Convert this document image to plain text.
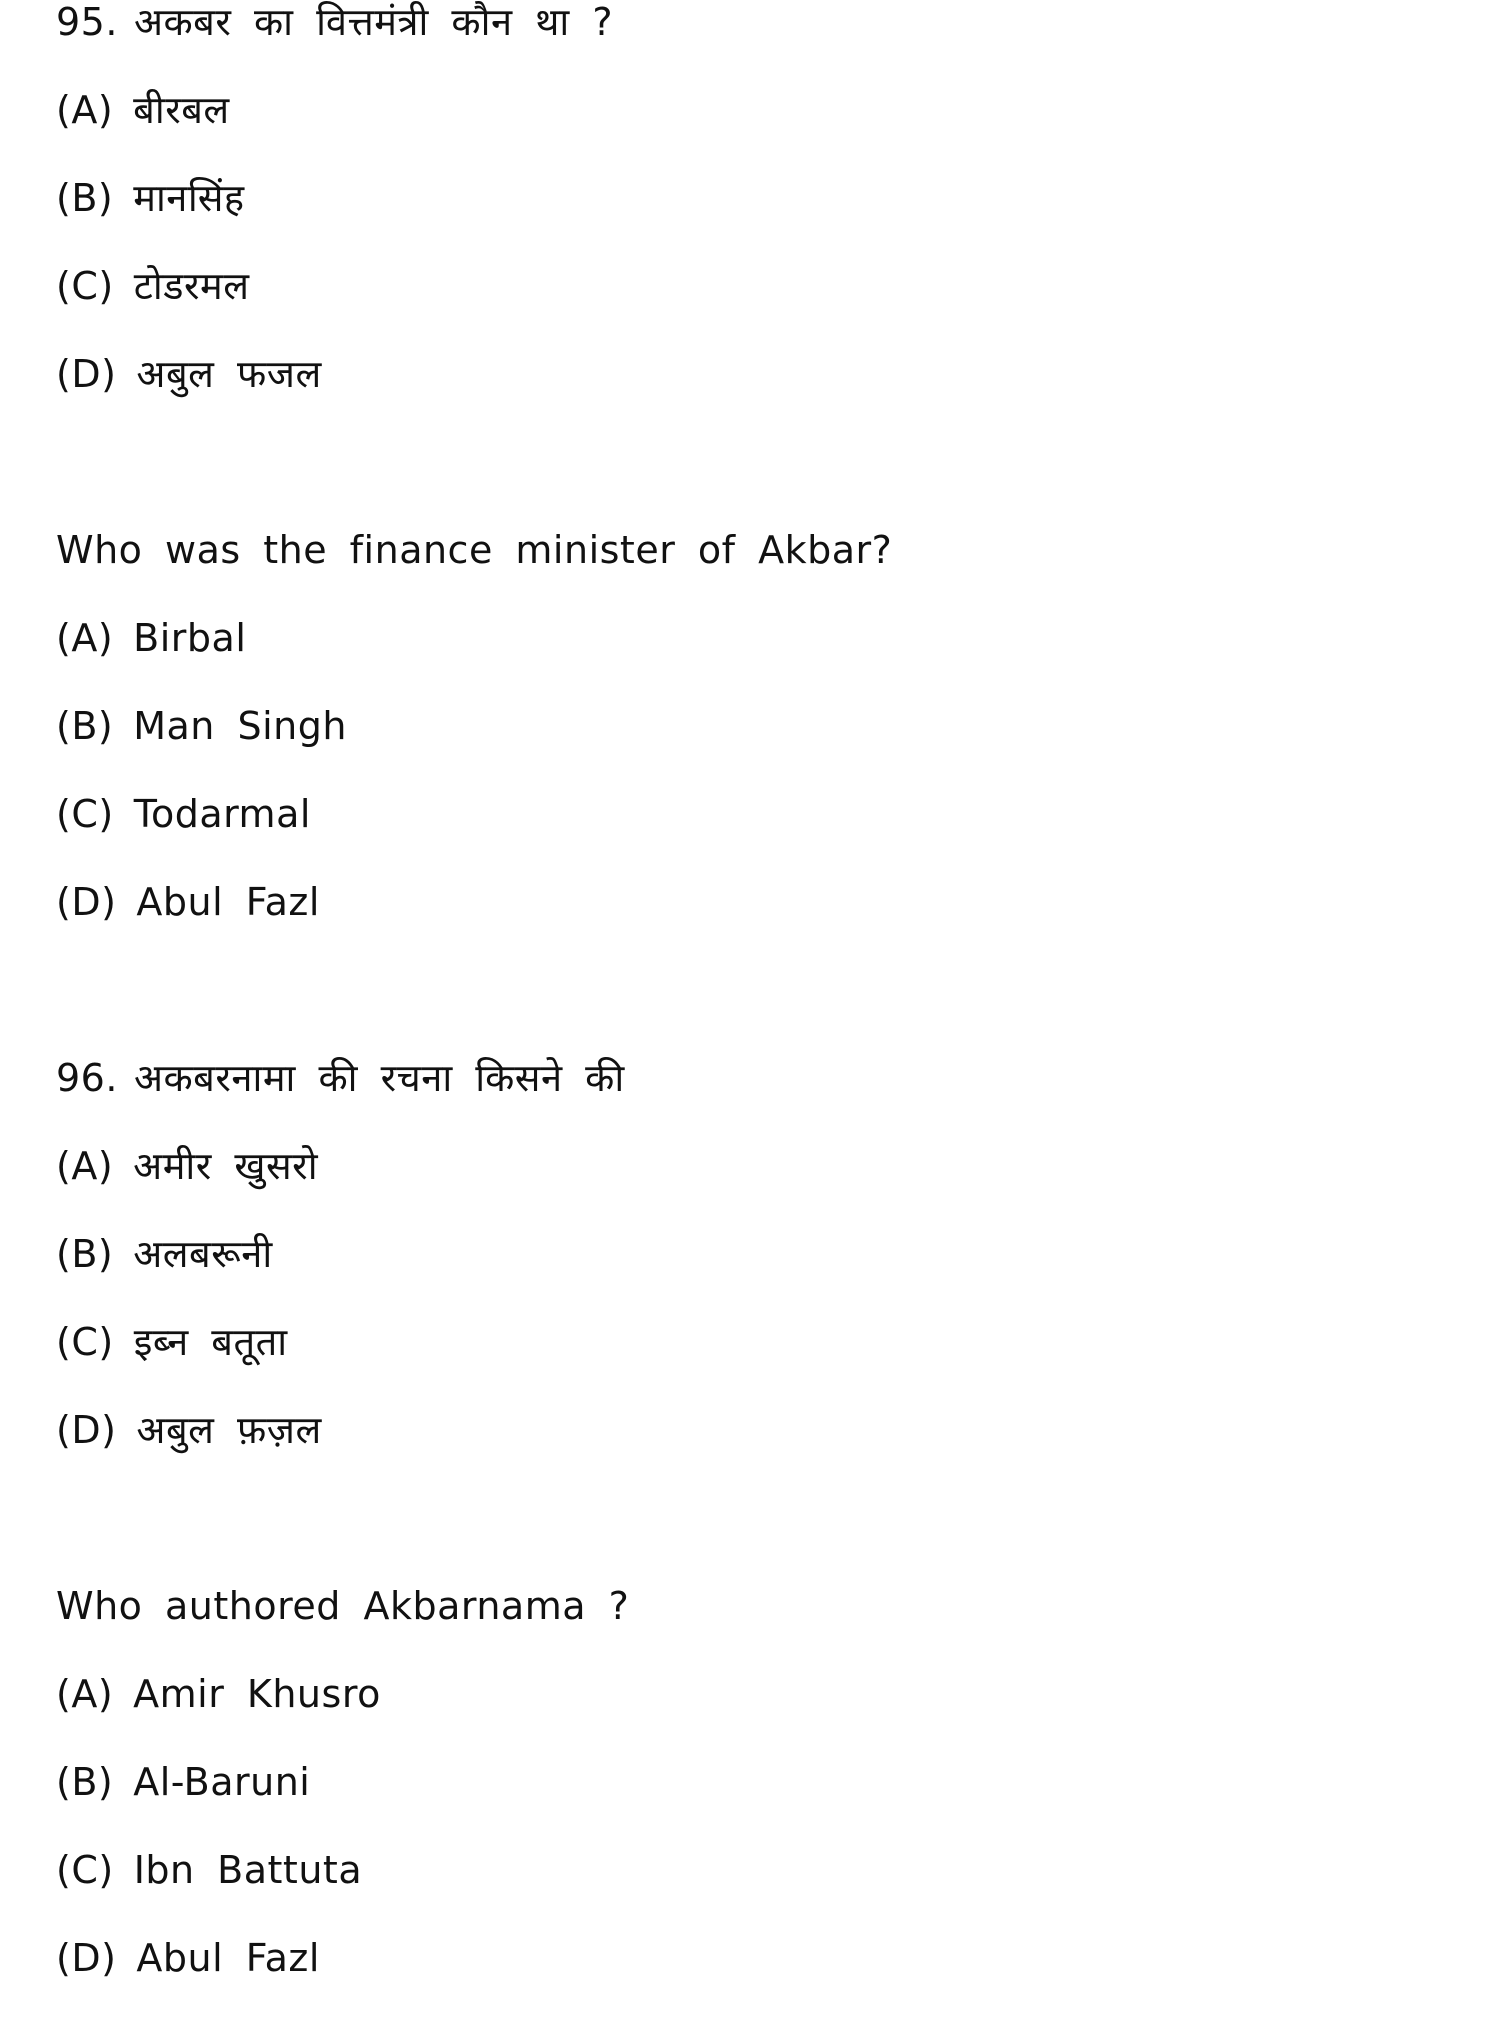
95. अकबर का वित्तमंत्री कौन था ?
(A) बीरबल
(B) मानसिंह
(C) टोडरमल
(D) अबुल फजल
Who was the finance minister of Akbar?
(A) Birbal
(B) Man Singh
(C) Todarmal
(D) Abul Fazl
96. अकबरनामा की रचना किसने की
(A) अमीर खुसरो
(B) अलबरूनी
(C) इब्न बतूता
(D) अबुल फ़ज़ल
Who authored Akbarnama ?
(A) Amir Khusro
(B) Al-Baruni
(C) Ibn Battuta
(D) Abul Fazl
